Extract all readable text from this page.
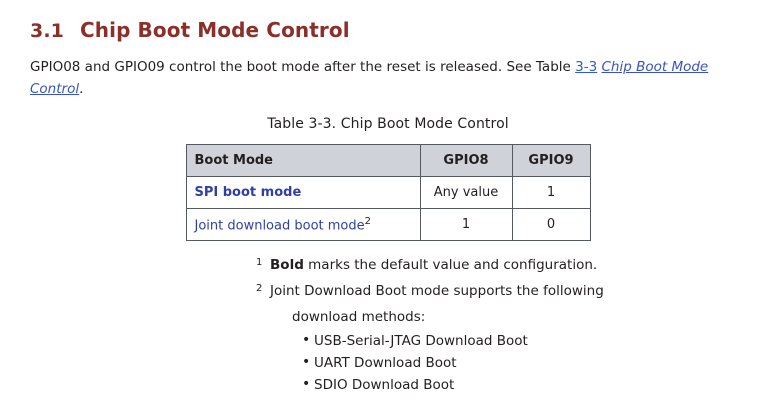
3.1 Chip Boot Mode Control

GPIO08 and GPIO09 control the boot mode after the reset is released. See Table 3-3 Chip Boot Mode Control.

Table 3-3. Chip Boot Mode Control
Boot Mode	GPIO8	GPIO9
SPI boot mode	Any value	1
Joint download boot mode$^2$	1	0
1 Bold marks the default value and configuration.
2 Joint Download Boot mode supports the following
download methods:
• USB-Serial-JTAG Download Boot
• UART Download Boot
• SDIO Download Boot
